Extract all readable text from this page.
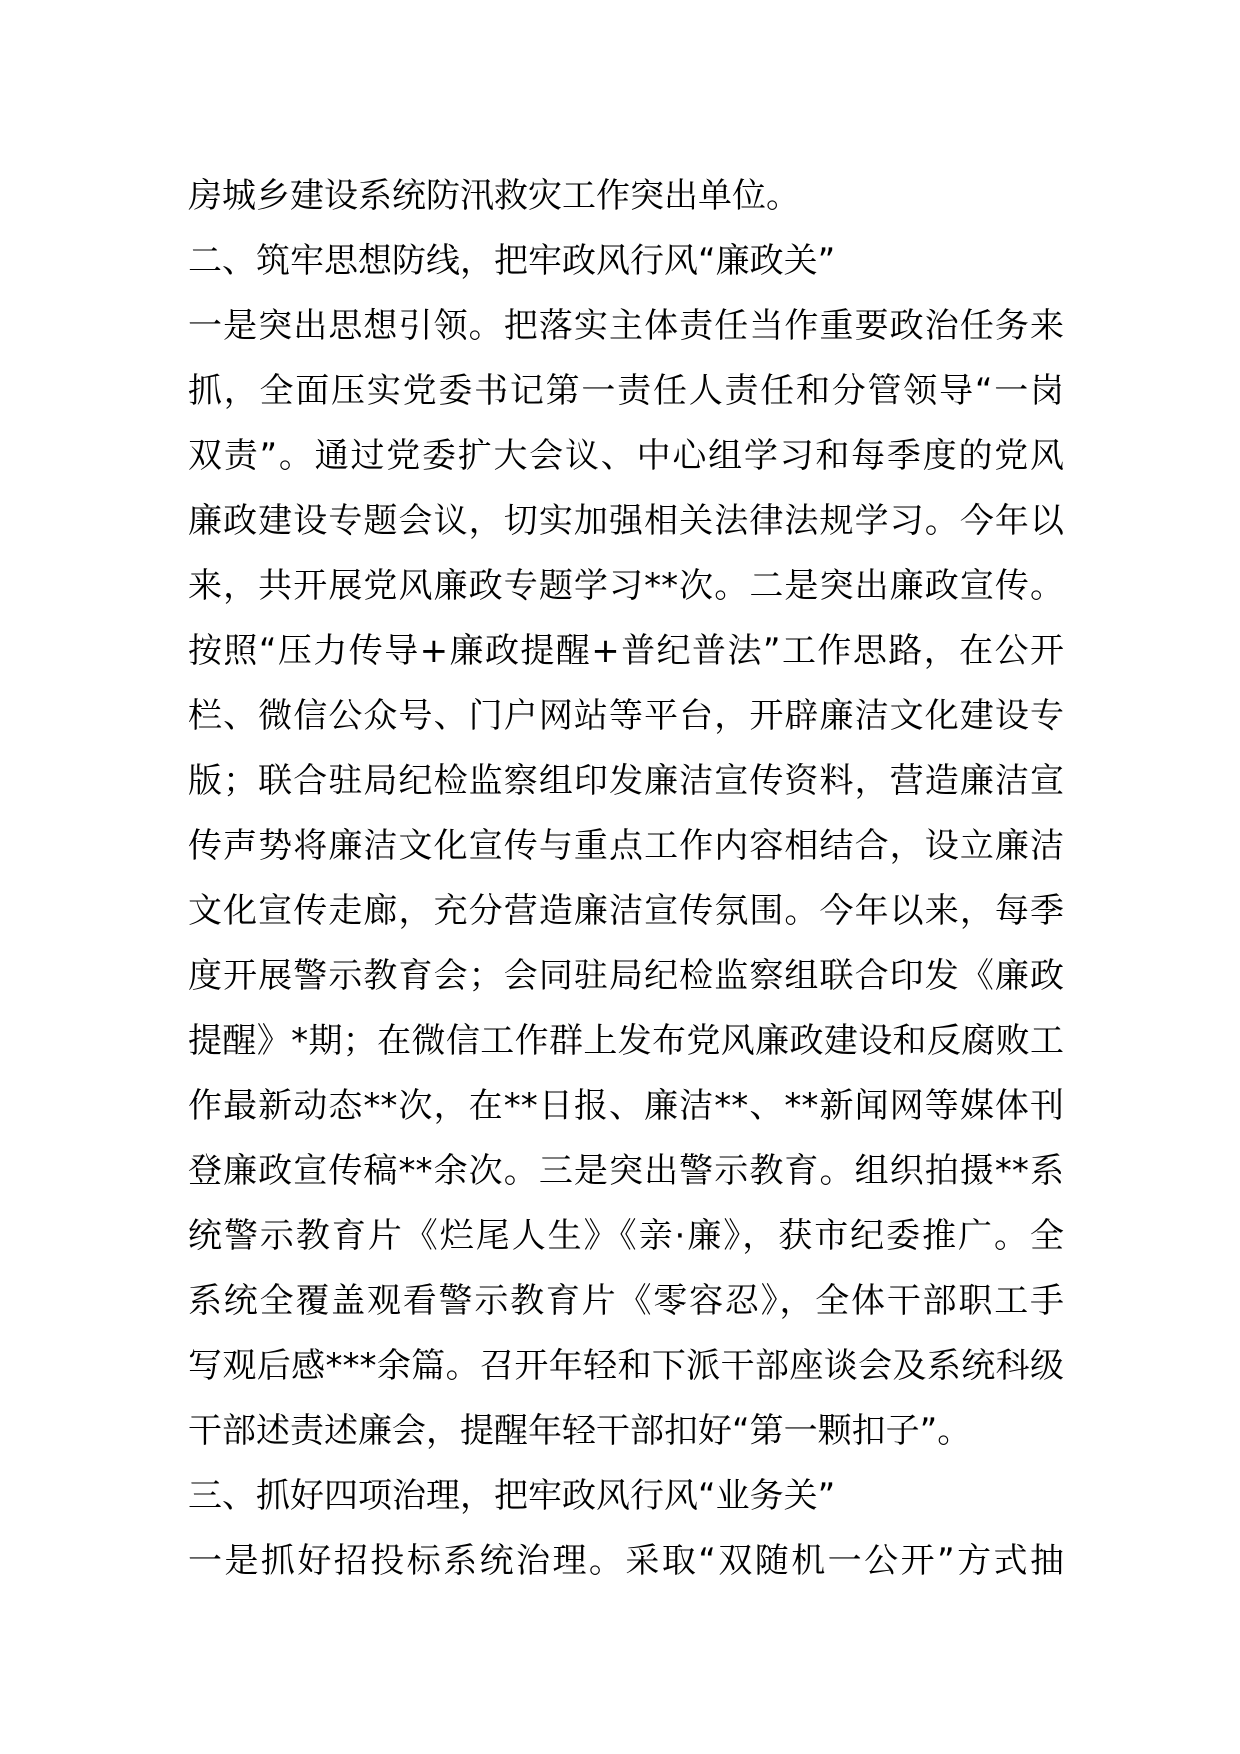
房城乡建设系统防汛救灾工作突出单位。
二、筑牢思想防线，把牢政风行风“廉政关”
一是突出思想引领。把落实主体责任当作重要政治任务来
抓，全面压实党委书记第一责任人责任和分管领导“一岗
双责”。通过党委扩大会议、中心组学习和每季度的党风
廉政建设专题会议，切实加强相关法律法规学习。今年以
来，共开展党风廉政专题学习**次。二是突出廉政宣传。
按照“压力传导+廉政提醒+普纪普法”工作思路，在公开
栏、微信公众号、门户网站等平台，开辟廉洁文化建设专
版；联合驻局纪检监察组印发廉洁宣传资料，营造廉洁宣
传声势将廉洁文化宣传与重点工作内容相结合，设立廉洁
文化宣传走廊，充分营造廉洁宣传氛围。今年以来，每季
度开展警示教育会；会同驻局纪检监察组联合印发《廉政
提醒》*期；在微信工作群上发布党风廉政建设和反腐败工
作最新动态**次，在**日报、廉洁**、**新闻网等媒体刊
登廉政宣传稿**余次。三是突出警示教育。组织拍摄**系
统警示教育片《烂尾人生》《亲·廉》，获市纪委推广。全
系统全覆盖观看警示教育片《零容忍》，全体干部职工手
写观后感***余篇。召开年轻和下派干部座谈会及系统科级
干部述责述廉会，提醒年轻干部扣好“第一颗扣子”。
三、抓好四项治理，把牢政风行风“业务关”
一是抓好招投标系统治理。采取“双随机一公开”方式抽
